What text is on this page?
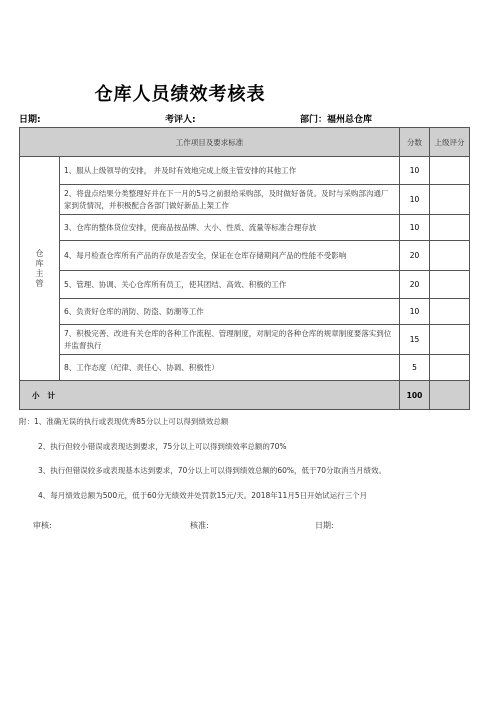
仓库人员绩效考核表
日期:	考评人:	部门：福州总仓库
工作项目及要求标准		分数	上级评分
仓库主管	1、服从上级领导的安排， 并及时有效地完成上级主管安排的其他工作	10	
	2、将盘点结果分类整理好并在下一月的5号之前报给采购部，及时做好备货。及时与采购部沟通厂家到货情况，并积极配合各部门做好新品上架工作	10	
	3、仓库的整体货位安排，使商品按品牌、大小、性质、流量等标准合理存放	10	
	4、每月检查仓库所有产品的存放是否安全，保证在仓库存储期间产品的性能不受影响	20	
	5、管理、协调、关心仓库所有员工，使其团结、高效、积极的工作	20	
	6、负责好仓库的消防、防盗、防潮等工作	10	
	7、积极完善、改进有关仓库的各种工作流程、管理制度，对制定的各种仓库的规章制度要落实到位并监督执行	15	
	8、工作态度（纪律、责任心、协调、积极性）	5	
小计		100	
附：1、准确无误的执行或表现优秀85分以上可以得到绩效总额
2、执行但较小错误或表现达到要求，75分以上可以得到绩效率总额的70%
3、执行但错误较多或表现基本达到要求，70分以上可以得到绩效总额的60%，低于70分取消当月绩效。
4、每月绩效总额为500元，低于60分无绩效并处罚款15元/天。2018年11月5日开始试运行三个月
审核:	核准:	日期:
